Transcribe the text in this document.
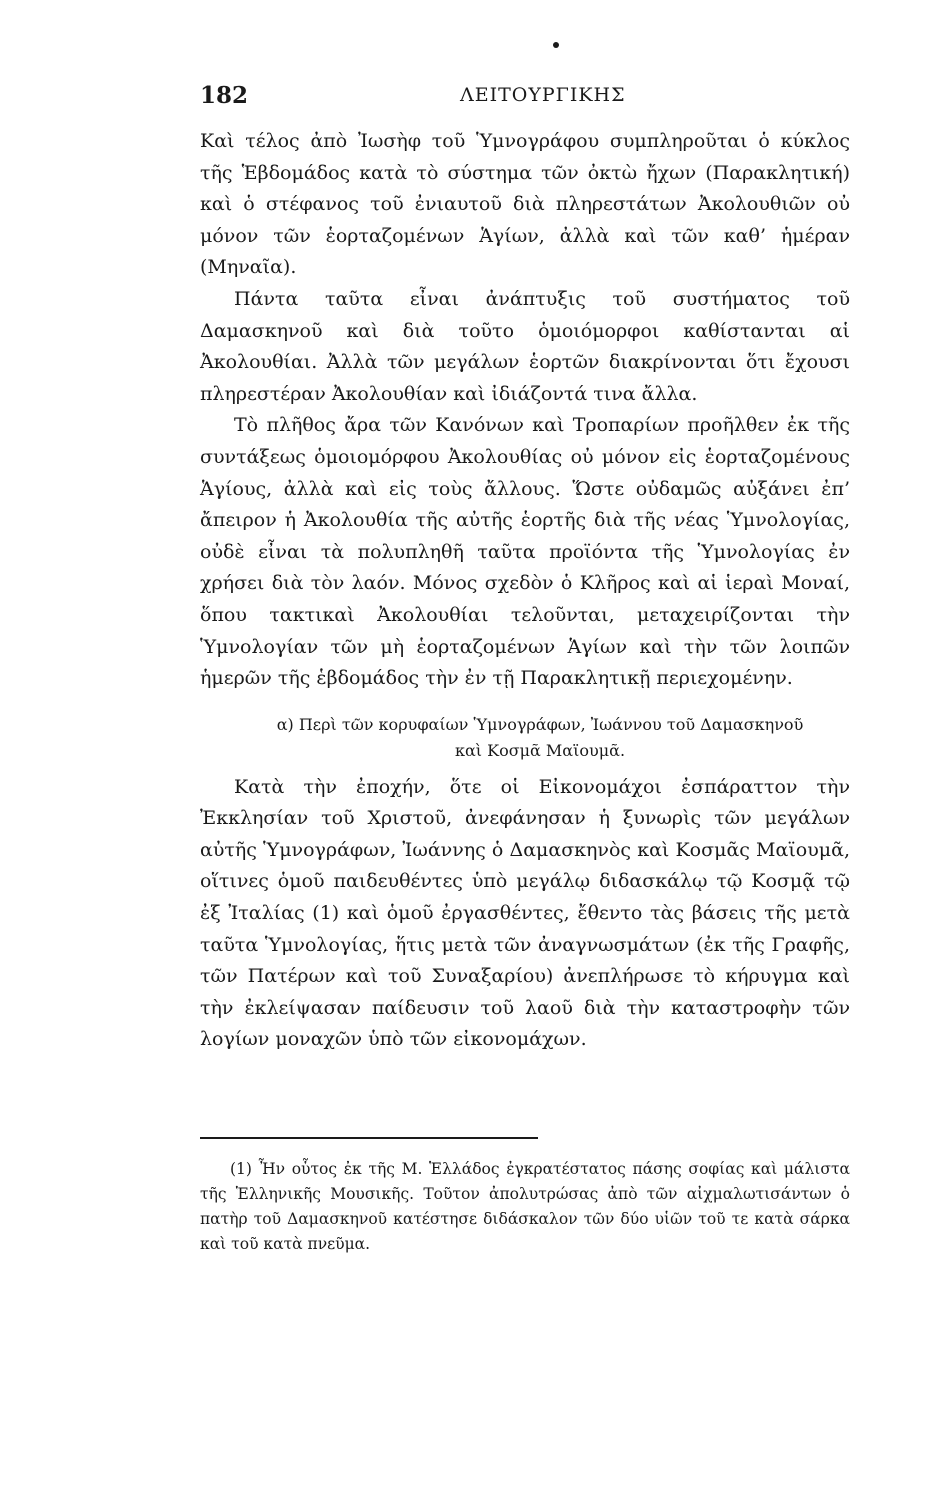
182	ΛΕΙΤΟΥΡΓΙΚΗΣ

Καὶ τέλος ἀπὸ Ἰωσὴφ τοῦ Ὑμνογράφου συμπληροῦται ὁ κύκλος τῆς Ἑβδομάδος κατὰ τὸ σύστημα τῶν ὀκτὼ ἤχων (Παρακλητική) καὶ ὁ στέφανος τοῦ ἐνιαυτοῦ διὰ πληρεστάτων Ἀκολουθιῶν οὐ μόνον τῶν ἑορταζομένων Ἁγίων, ἀλλὰ καὶ τῶν καθ’ ἡμέραν (Μηναῖα).

Πάντα ταῦτα εἶναι ἀνάπτυξις τοῦ συστήματος τοῦ Δαμασκηνοῦ καὶ διὰ τοῦτο ὁμοιόμορφοι καθίστανται αἱ Ἀκολουθίαι. Ἀλλὰ τῶν μεγάλων ἑορτῶν διακρίνονται ὅτι ἔχουσι πληρεστέραν Ἀκολουθίαν καὶ ἰδιάζοντά τινα ἄλλα.

Τὸ πλῆθος ἄρα τῶν Κανόνων καὶ Τροπαρίων προῆλθεν ἐκ τῆς συντάξεως ὁμοιομόρφου Ἀκολουθίας οὐ μόνον εἰς ἑορταζομένους Ἁγίους, ἀλλὰ καὶ εἰς τοὺς ἄλλους. Ὥστε οὐδαμῶς αὐξάνει ἐπ’ ἄπειρον ἡ Ἀκολουθία τῆς αὐτῆς ἑορτῆς διὰ τῆς νέας Ὑμνολογίας, οὐδὲ εἶναι τὰ πολυπληθῆ ταῦτα προϊόντα τῆς Ὑμνολογίας ἐν χρήσει διὰ τὸν λαόν. Μόνος σχεδὸν ὁ Κλῆρος καὶ αἱ ἱεραὶ Μοναί, ὅπου τακτικαὶ Ἀκολουθίαι τελοῦνται, μεταχειρίζονται τὴν Ὑμνολογίαν τῶν μὴ ἑορταζομένων Ἁγίων καὶ τὴν τῶν λοιπῶν ἡμερῶν τῆς ἑβδομάδος τὴν ἐν τῇ Παρακλητικῇ περιεχομένην.

α) Περὶ τῶν κορυφαίων Ὑμνογράφων, Ἰωάννου τοῦ Δαμασκηνοῦ
καὶ Κοσμᾶ Μαϊουμᾶ.

Κατὰ τὴν ἐποχήν, ὅτε οἱ Εἰκονομάχοι ἐσπάραττον τὴν Ἐκκλησίαν τοῦ Χριστοῦ, ἀνεφάνησαν ἡ ξυνωρὶς τῶν μεγάλων αὐτῆς Ὑμνογράφων, Ἰωάννης ὁ Δαμασκηνὸς καὶ Κοσμᾶς Μαϊουμᾶ, οἵτινες ὁμοῦ παιδευθέντες ὑπὸ μεγάλῳ διδασκάλῳ τῷ Κοσμᾷ τῷ ἐξ Ἰταλίας (1) καὶ ὁμοῦ ἐργασθέντες, ἔθεντο τὰς βάσεις τῆς μετὰ ταῦτα Ὑμνολογίας, ἥτις μετὰ τῶν ἀναγνωσμάτων (ἐκ τῆς Γραφῆς, τῶν Πατέρων καὶ τοῦ Συναξαρίου) ἀνεπλήρωσε τὸ κήρυγμα καὶ τὴν ἐκλείψασαν παίδευσιν τοῦ λαοῦ διὰ τὴν καταστροφὴν τῶν λογίων μοναχῶν ὑπὸ τῶν εἰκονομάχων.

(1) Ἦν οὗτος ἐκ τῆς Μ. Ἑλλάδος ἐγκρατέστατος πάσης σοφίας καὶ μάλιστα τῆς Ἑλληνικῆς Μουσικῆς. Τοῦτον ἀπολυτρώσας ἀπὸ τῶν αἰχμαλωτισάντων ὁ πατὴρ τοῦ Δαμασκηνοῦ κατέστησε διδάσκαλον τῶν δύο υἱῶν τοῦ τε κατὰ σάρκα καὶ τοῦ κατὰ πνεῦμα.
